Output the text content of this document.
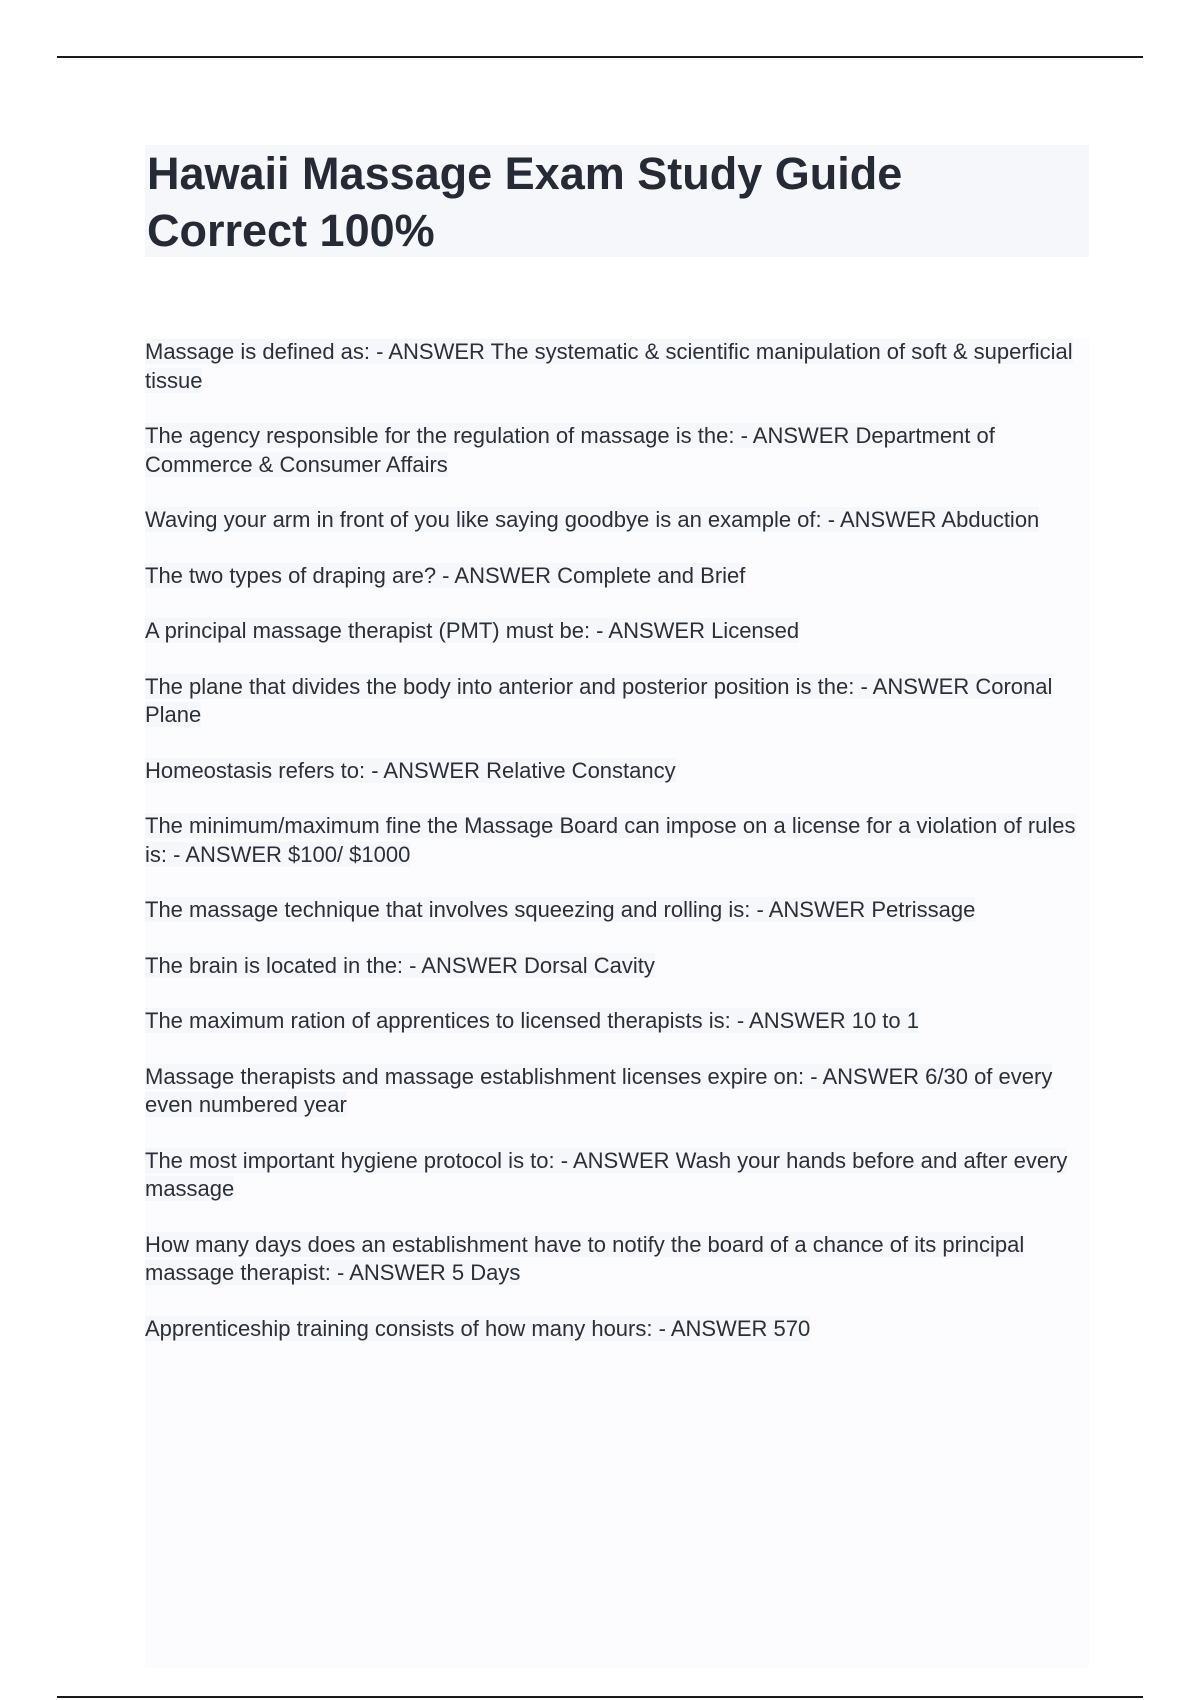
Hawaii Massage Exam Study Guide
Correct 100%
Massage is defined as: - ANSWER The systematic & scientific manipulation of soft & superficial tissue
The agency responsible for the regulation of massage is the: - ANSWER Department of Commerce & Consumer Affairs
Waving your arm in front of you like saying goodbye is an example of: - ANSWER Abduction
The two types of draping are? - ANSWER Complete and Brief
A principal massage therapist (PMT) must be: - ANSWER Licensed
The plane that divides the body into anterior and posterior position is the: - ANSWER Coronal Plane
Homeostasis refers to: - ANSWER Relative Constancy
The minimum/maximum fine the Massage Board can impose on a license for a violation of rules is: - ANSWER $100/ $1000
The massage technique that involves squeezing and rolling is: - ANSWER Petrissage
The brain is located in the: - ANSWER Dorsal Cavity
The maximum ration of apprentices to licensed therapists is: - ANSWER 10 to 1
Massage therapists and massage establishment licenses expire on: - ANSWER 6/30 of every even numbered year
The most important hygiene protocol is to: - ANSWER Wash your hands before and after every massage
How many days does an establishment have to notify the board of a chance of its principal massage therapist: - ANSWER 5 Days
Apprenticeship training consists of how many hours: - ANSWER 570
